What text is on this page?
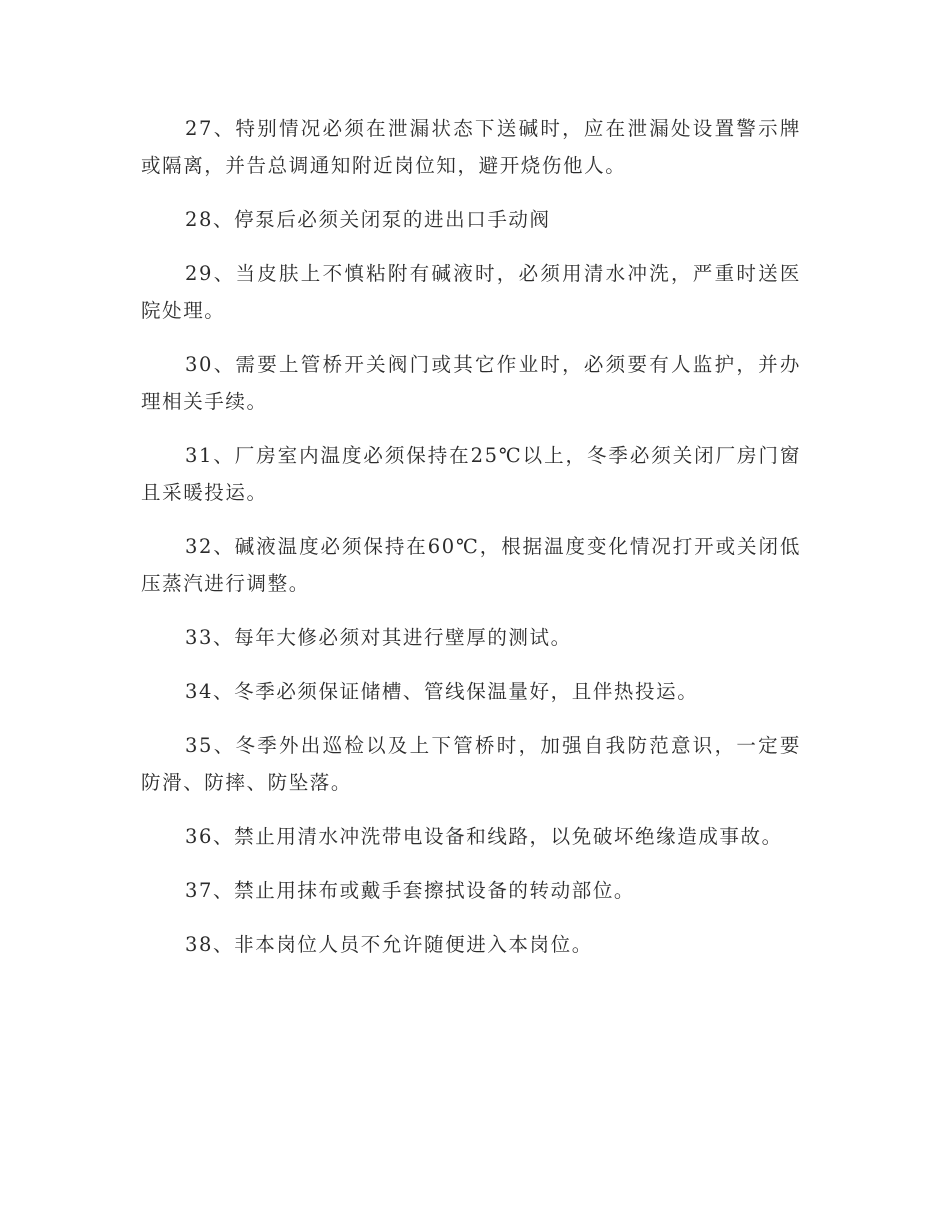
27、特别情况必须在泄漏状态下送碱时，应在泄漏处设置警示牌或隔离，并告总调通知附近岗位知，避开烧伤他人。

28、停泵后必须关闭泵的进出口手动阀

29、当皮肤上不慎粘附有碱液时，必须用清水冲洗，严重时送医院处理。

30、需要上管桥开关阀门或其它作业时，必须要有人监护，并办理相关手续。

31、厂房室内温度必须保持在25℃以上，冬季必须关闭厂房门窗且采暖投运。

32、碱液温度必须保持在60℃，根据温度变化情况打开或关闭低压蒸汽进行调整。

33、每年大修必须对其进行壁厚的测试。

34、冬季必须保证储槽、管线保温量好，且伴热投运。

35、冬季外出巡检以及上下管桥时，加强自我防范意识，一定要防滑、防摔、防坠落。

36、禁止用清水冲洗带电设备和线路，以免破坏绝缘造成事故。

37、禁止用抹布或戴手套擦拭设备的转动部位。

38、非本岗位人员不允许随便进入本岗位。
